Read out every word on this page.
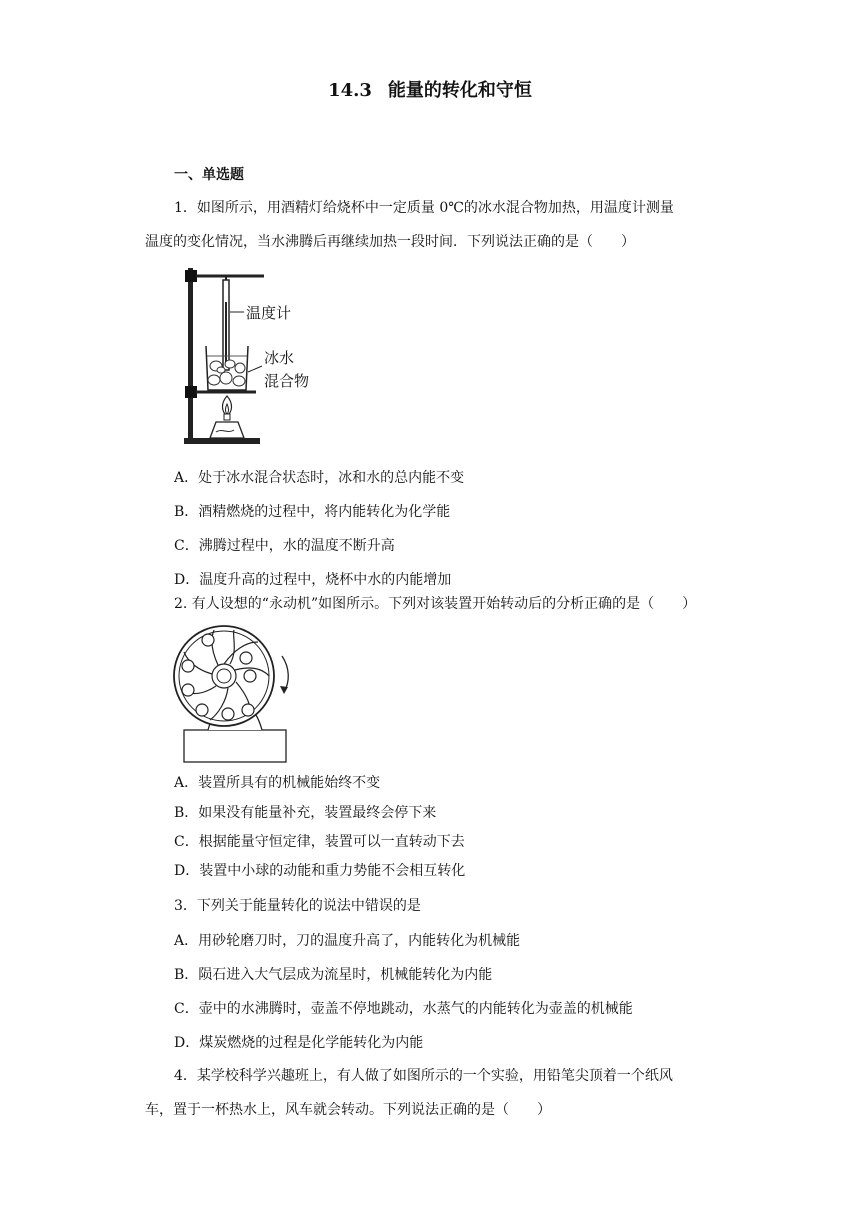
14.3 能量的转化和守恒
一、单选题
1．如图所示，用酒精灯给烧杯中一定质量 0℃的冰水混合物加热，用温度计测量
温度的变化情况，当水沸腾后再继续加热一段时间．下列说法正确的是（　　）
温度计
冰水
混合物
A．处于冰水混合状态时，冰和水的总内能不变
B．酒精燃烧的过程中，将内能转化为化学能
C．沸腾过程中，水的温度不断升高
D．温度升高的过程中，烧杯中水的内能增加
2. 有人设想的“永动机”如图所示。下列对该装置开始转动后的分析正确的是（　　）
A．装置所具有的机械能始终不变
B．如果没有能量补充，装置最终会停下来
C．根据能量守恒定律，装置可以一直转动下去
D．装置中小球的动能和重力势能不会相互转化
3．下列关于能量转化的说法中错误的是
A．用砂轮磨刀时，刀的温度升高了，内能转化为机械能
B．陨石进入大气层成为流星时，机械能转化为内能
C．壶中的水沸腾时，壶盖不停地跳动，水蒸气的内能转化为壶盖的机械能
D．煤炭燃烧的过程是化学能转化为内能
4．某学校科学兴趣班上，有人做了如图所示的一个实验，用铅笔尖顶着一个纸风
车，置于一杯热水上，风车就会转动。下列说法正确的是（　　）
